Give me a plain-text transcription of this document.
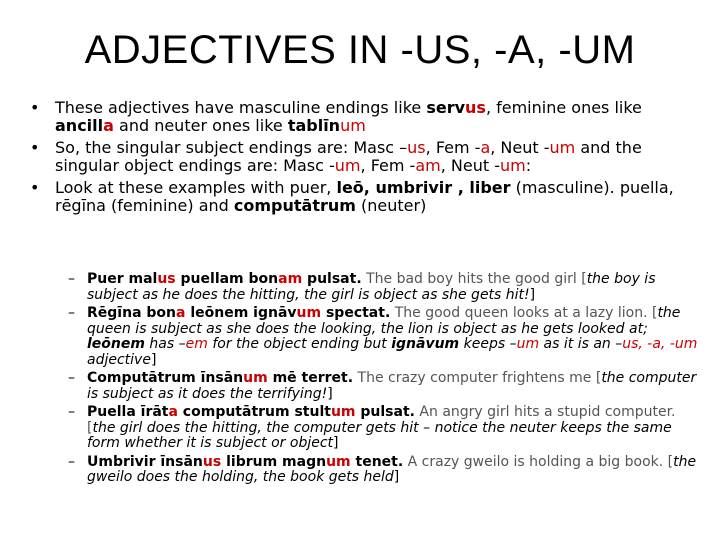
ADJECTIVES IN -US, -A, -UM
• These adjectives have masculine endings like servus, feminine ones like ancilla and neuter ones like tablīnum
• So, the singular subject endings are: Masc –us, Fem -a, Neut -um and the singular object endings are: Masc -um, Fem -am, Neut -um:
• Look at these examples with puer, leō, umbrivir , liber (masculine). puella, rēgīna (feminine) and computātrum (neuter)
– Puer malus puellam bonam pulsat. The bad boy hits the good girl [the boy is subject as he does the hitting, the girl is object as she gets hit!]
– Rēgīna bona leōnem ignāvum spectat. The good queen looks at a lazy lion. [the queen is subject as she does the looking, the lion is object as he gets looked at; leōnem has –em for the object ending but ignāvum keeps –um as it is an –us, -a, -um adjective]
– Computātrum īnsānum mē terret. The crazy computer frightens me [the computer is subject as it does the terrifying!]
– Puella īrāta computātrum stultum pulsat. An angry girl hits a stupid computer. [the girl does the hitting, the computer gets hit – notice the neuter keeps the same form whether it is subject or object]
– Umbrivir īnsānus librum magnum tenet. A crazy gweilo is holding a big book. [the gweilo does the holding, the book gets held]
